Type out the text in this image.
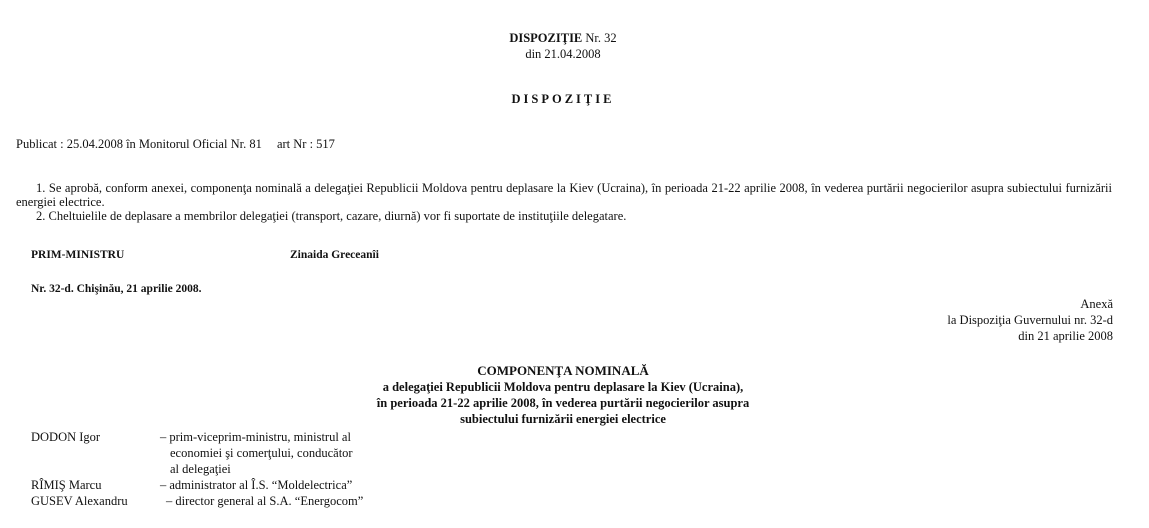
DISPOZIŢIE Nr. 32
din 21.04.2008
DISPOZIŢIE
Publicat : 25.04.2008 în Monitorul Oficial Nr. 81 art Nr : 517

1. Se aprobă, conform anexei, componenţa nominală a delegaţiei Republicii Moldova pentru deplasare la Kiev (Ucraina), în perioada 21-22 aprilie 2008, în vederea purtării negocierilor asupra subiectului furnizării energiei electrice.

2. Cheltuielile de deplasare a membrilor delegaţiei (transport, cazare, diurnă) vor fi suportate de instituţiile delegatare.

PRIM-MINISTRU	Zinaida Greceanîi
Nr. 32-d. Chişinău, 21 aprilie 2008.
Anexă
la Dispoziţia Guvernului nr. 32-d
din 21 aprilie 2008
COMPONENŢA NOMINALĂ
a delegaţiei Republicii Moldova pentru deplasare la Kiev (Ucraina),
în perioada 21-22 aprilie 2008, în vederea purtării negocierilor asupra
subiectului furnizării energiei electrice
DODON Igor	– prim-viceprim-ministru, ministrul al
economiei şi comerţului, conducător
al delegaţiei
RÎMIŞ Marcu	– administrator al Î.S. “Moldelectrica”
GUSEV Alexandru	– director general al S.A. “Energocom”
